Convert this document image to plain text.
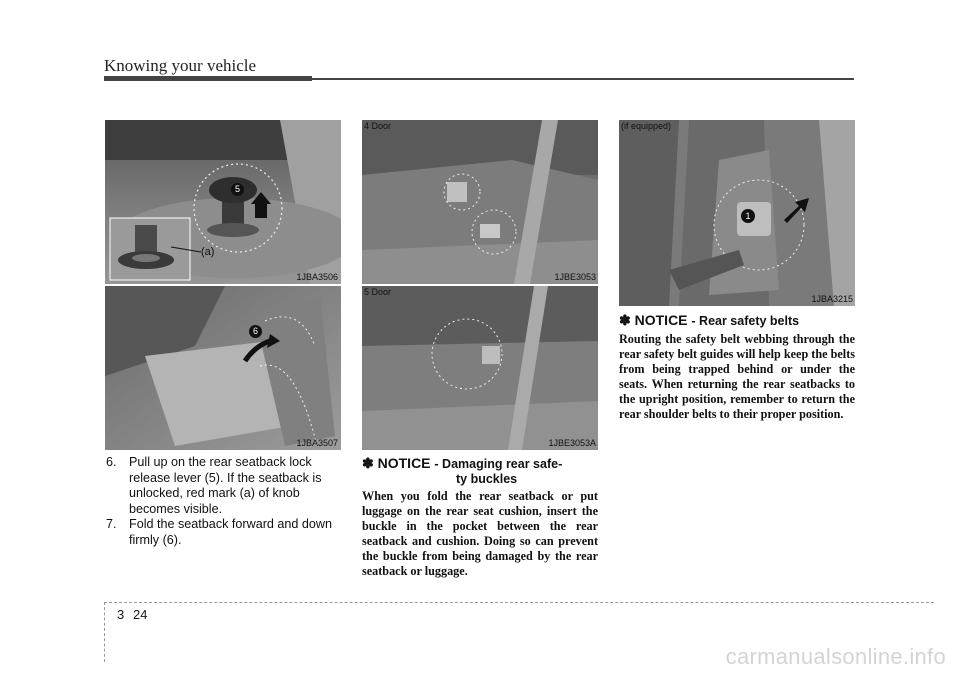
Knowing your vehicle
5
(a)
1JBA3506
6
1JBA3507
4 Door
1JBE3053
5 Door
1JBE3053A
(if equipped)
1
1JBA3215
6. Pull up on the rear seatback lock release lever (5). If the seatback is unlocked, red mark (a) of knob becomes visible.
7. Fold the seatback forward and down firmly (6).
✽ NOTICE - Damaging rear safe-
ty buckles
When you fold the rear seatback or put luggage on the rear seat cushion, insert the buckle in the pocket between the rear seatback and cushion. Doing so can prevent the buckle from being damaged by the rear seatback or luggage.
✽ NOTICE - Rear safety belts
Routing the safety belt webbing through the rear safety belt guides will help keep the belts from being trapped behind or under the seats. When returning the rear seatbacks to the upright position, remember to return the rear shoulder belts to their proper position.
3 24
carmanualsonline.info
